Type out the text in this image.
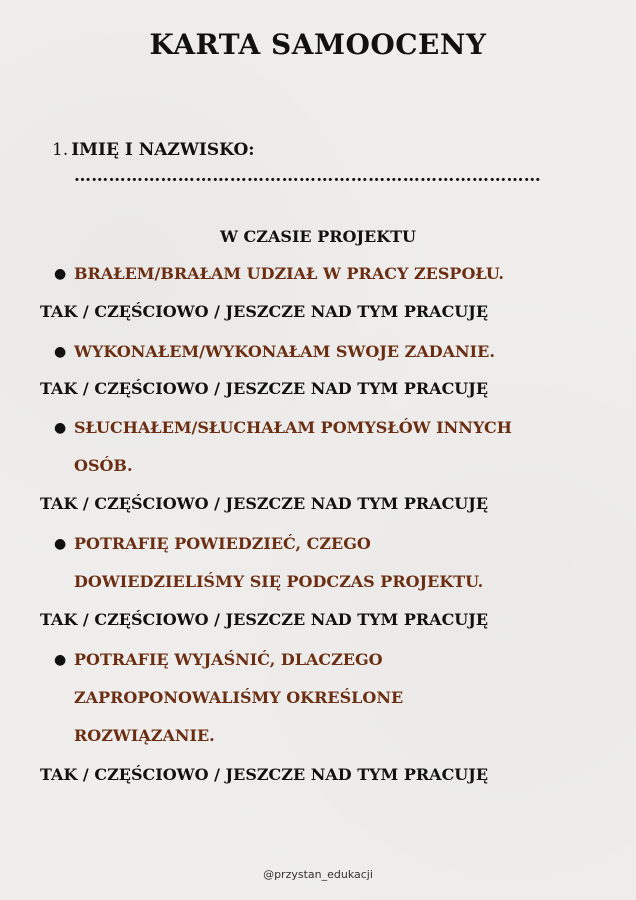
KARTA SAMOOCENY
1. IMIĘ I NAZWISKO:
………………………………………………………………………
W CZASIE PROJEKTU
● BRAŁEM/BRAŁAM UDZIAŁ W PRACY ZESPOŁU.
TAK / CZĘŚCIOWO / JESZCZE NAD TYM PRACUJĘ
● WYKONAŁEM/WYKONAŁAM SWOJE ZADANIE.
TAK / CZĘŚCIOWO / JESZCZE NAD TYM PRACUJĘ
● SŁUCHAŁEM/SŁUCHAŁAM POMYSŁÓW INNYCH OSÓB.
TAK / CZĘŚCIOWO / JESZCZE NAD TYM PRACUJĘ
● POTRAFIĘ POWIEDZIEĆ, CZEGO DOWIEDZIELIŚMY SIĘ PODCZAS PROJEKTU.
TAK / CZĘŚCIOWO / JESZCZE NAD TYM PRACUJĘ
● POTRAFIĘ WYJAŚNIĆ, DLACZEGO ZAPROPONOWALIŚMY OKREŚLONE ROZWIĄZANIE.
TAK / CZĘŚCIOWO / JESZCZE NAD TYM PRACUJĘ
@przystan_edukacji
